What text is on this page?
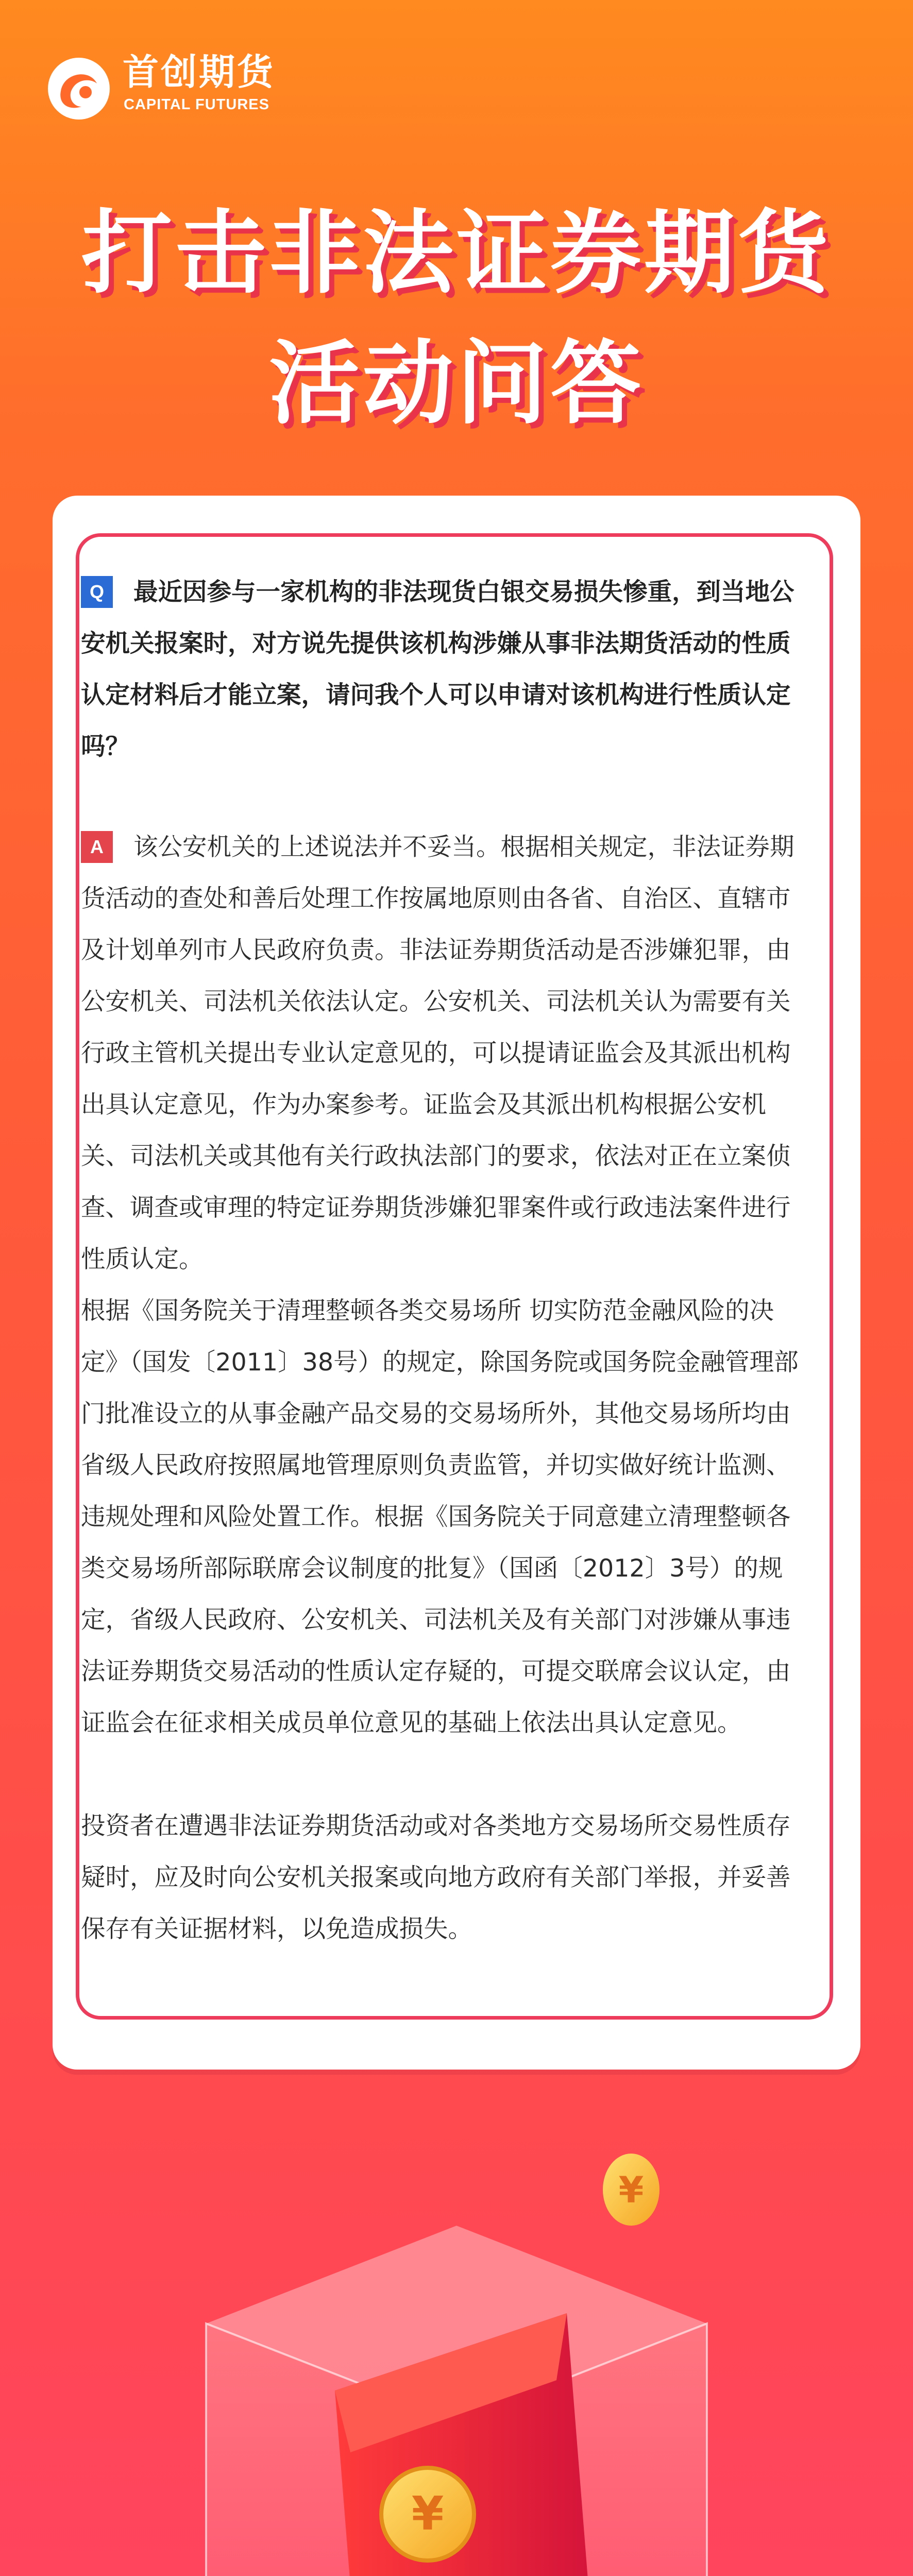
首创期货
CAPITAL FUTURES
打击非法证券期货
活动问答

Q 最近因参与一家机构的非法现货白银交易损失惨重，到当地公安机关报案时，对方说先提供该机构涉嫌从事非法期货活动的性质认定材料后才能立案，请问我个人可以申请对该机构进行性质认定吗？

A 该公安机关的上述说法并不妥当。根据相关规定，非法证券期货活动的查处和善后处理工作按属地原则由各省、自治区、直辖市及计划单列市人民政府负责。非法证券期货活动是否涉嫌犯罪，由公安机关、司法机关依法认定。公安机关、司法机关认为需要有关行政主管机关提出专业认定意见的，可以提请证监会及其派出机构出具认定意见，作为办案参考。证监会及其派出机构根据公安机关、司法机关或其他有关行政执法部门的要求，依法对正在立案侦查、调查或审理的特定证券期货涉嫌犯罪案件或行政违法案件进行性质认定。

根据《国务院关于清理整顿各类交易场所 切实防范金融风险的决定》（国发〔2011〕38号）的规定，除国务院或国务院金融管理部门批准设立的从事金融产品交易的交易场所外，其他交易场所均由省级人民政府按照属地管理原则负责监管，并切实做好统计监测、违规处理和风险处置工作。根据《国务院关于同意建立清理整顿各类交易场所部际联席会议制度的批复》（国函〔2012〕3号）的规定，省级人民政府、公安机关、司法机关及有关部门对涉嫌从事违法证券期货交易活动的性质认定存疑的，可提交联席会议认定，由证监会在征求相关成员单位意见的基础上依法出具认定意见。

投资者在遭遇非法证券期货活动或对各类地方交易场所交易性质存疑时，应及时向公安机关报案或向地方政府有关部门举报，并妥善保存有关证据材料，以免造成损失。

¥
¥
